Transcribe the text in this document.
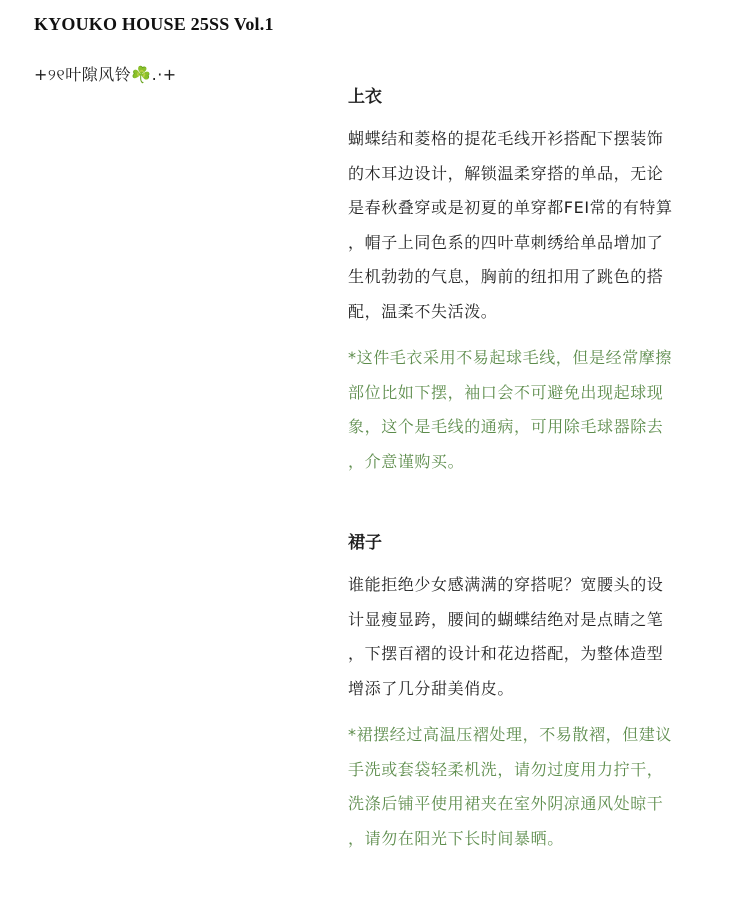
KYOUKO HOUSE 25SS Vol.1
+୨୧叶隙风铃☘️.·+
上衣

蝴蝶结和菱格的提花毛线开衫搭配下摆装饰
的木耳边设计，解锁温柔穿搭的单品，无论
是春秋叠穿或是初夏的单穿都FEI常的有特算
，帽子上同色系的四叶草刺绣给单品增加了
生机勃勃的气息，胸前的纽扣用了跳色的搭
配，温柔不失活泼。

*这件毛衣采用不易起球毛线，但是经常摩擦
部位比如下摆，袖口会不可避免出现起球现
象，这个是毛线的通病，可用除毛球器除去
，介意谨购买。

裙子

谁能拒绝少女感满满的穿搭呢？宽腰头的设
计显瘦显跨，腰间的蝴蝶结绝对是点睛之笔
，下摆百褶的设计和花边搭配，为整体造型
增添了几分甜美俏皮。

*裙摆经过高温压褶处理，不易散褶，但建议
手洗或套袋轻柔机洗，请勿过度用力拧干，
洗涤后铺平使用裙夹在室外阴凉通风处晾干
，请勿在阳光下长时间暴晒。
